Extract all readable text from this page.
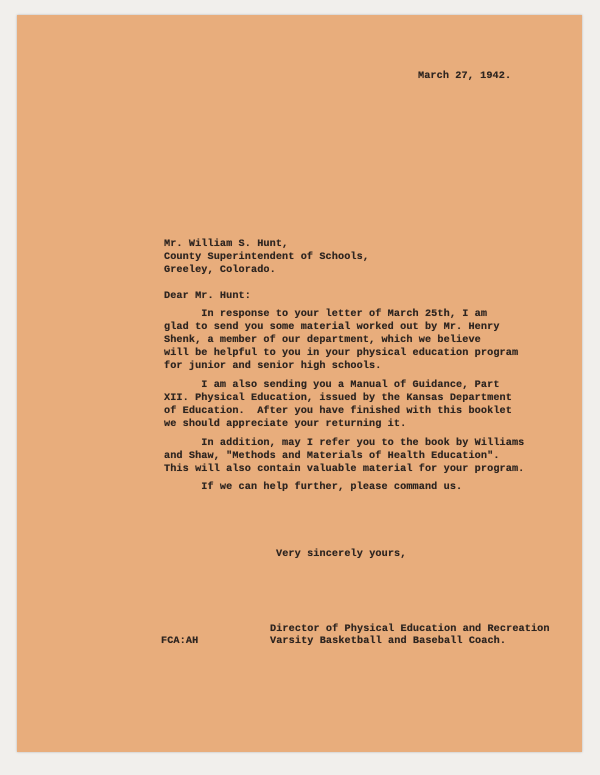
March 27, 1942.
Mr. William S. Hunt,
County Superintendent of Schools,
Greeley, Colorado.
Dear Mr. Hunt:
In response to your letter of March 25th, I am
glad to send you some material worked out by Mr. Henry
Shenk, a member of our department, which we believe
will be helpful to you in your physical education program
for junior and senior high schools.
I am also sending you a Manual of Guidance, Part
XII. Physical Education, issued by the Kansas Department
of Education.  After you have finished with this booklet
we should appreciate your returning it.
In addition, may I refer you to the book by Williams
and Shaw, "Methods and Materials of Health Education".
This will also contain valuable material for your program.
If we can help further, please command us.
Very sincerely yours,
Director of Physical Education and Recreation
FCA:AH	Varsity Basketball and Baseball Coach.
